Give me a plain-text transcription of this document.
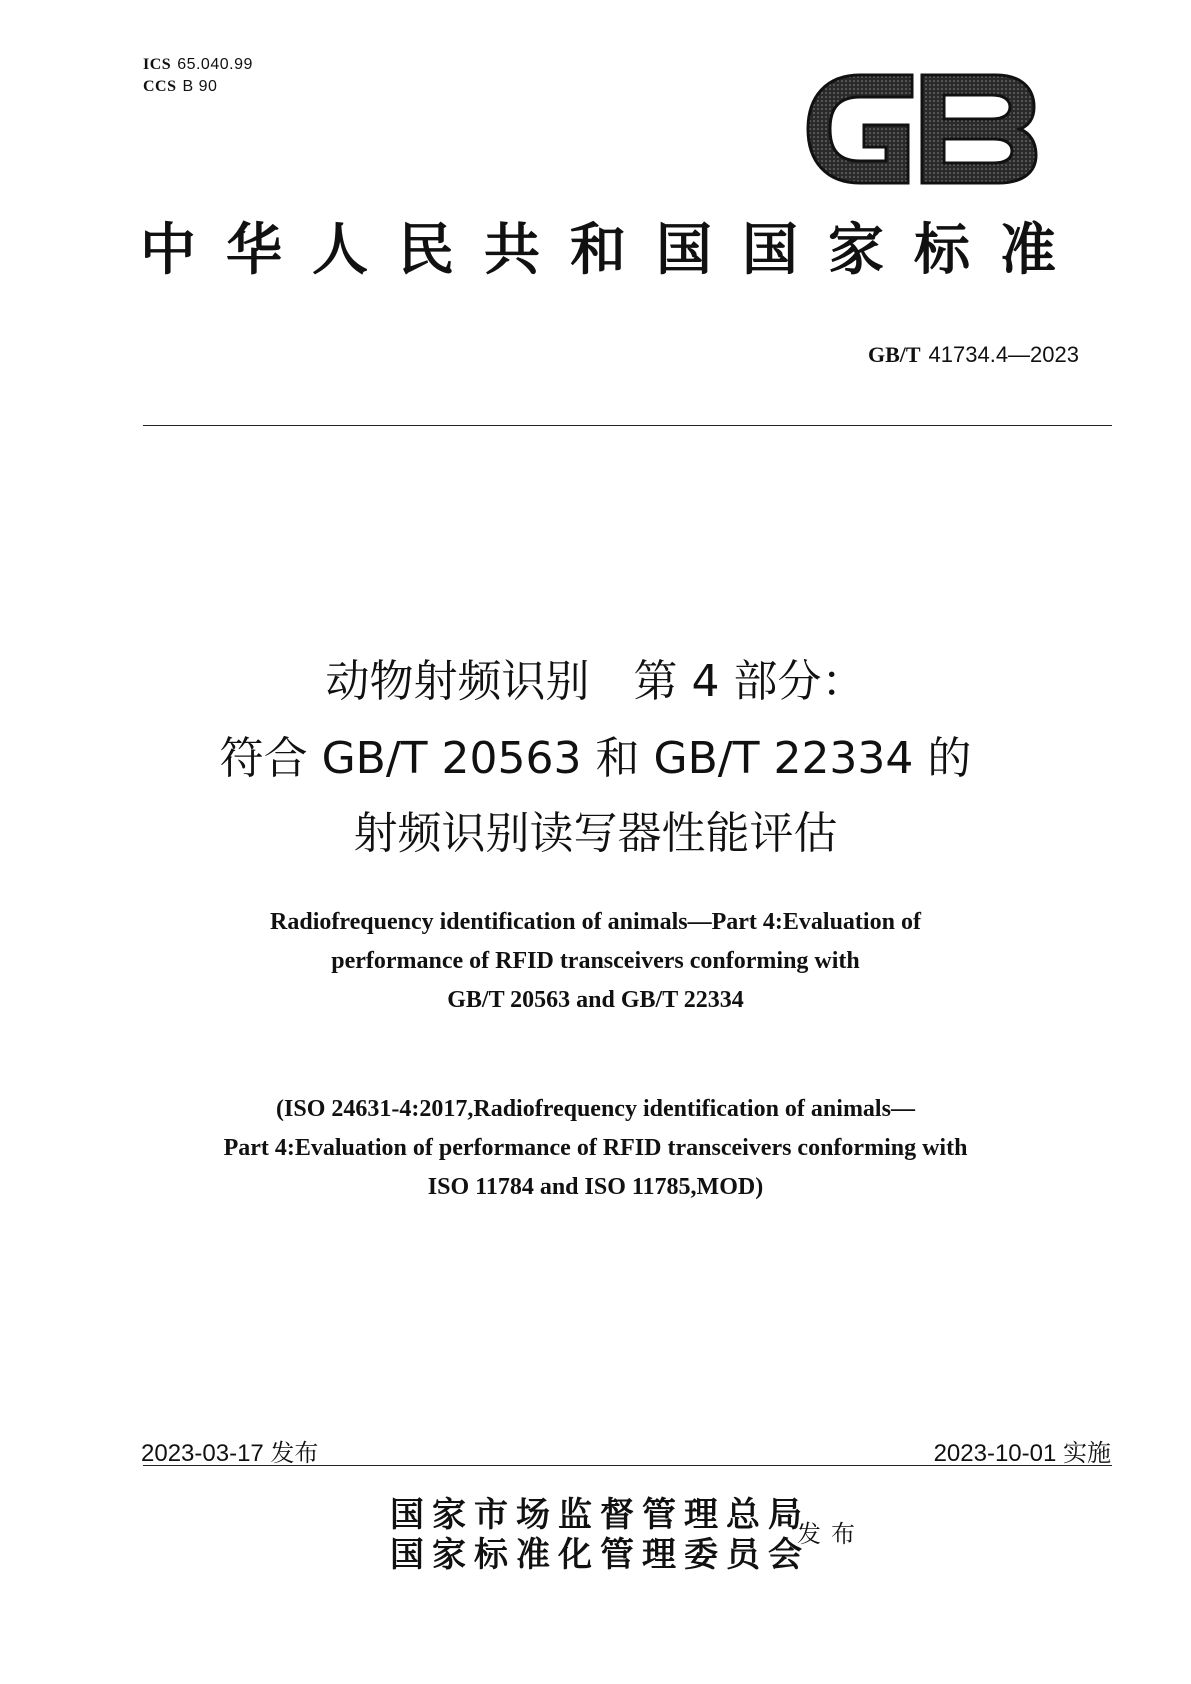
ICS 65.040.99
CCS B 90
中华人民共和国国家标准
GB/T 41734.4—2023
动物射频识别　第 4 部分：
符合 GB/T 20563 和 GB/T 22334 的
射频识别读写器性能评估
Radiofrequency identification of animals—Part 4:Evaluation of
performance of RFID transceivers conforming with
GB/T 20563 and GB/T 22334
(ISO 24631-4:2017,Radiofrequency identification of animals—
Part 4:Evaluation of performance of RFID transceivers conforming with
ISO 11784 and ISO 11785,MOD)
2023-03-17 发布	2023-10-01 实施
国家市场监督管理总局
国家标准化管理委员会
发布
